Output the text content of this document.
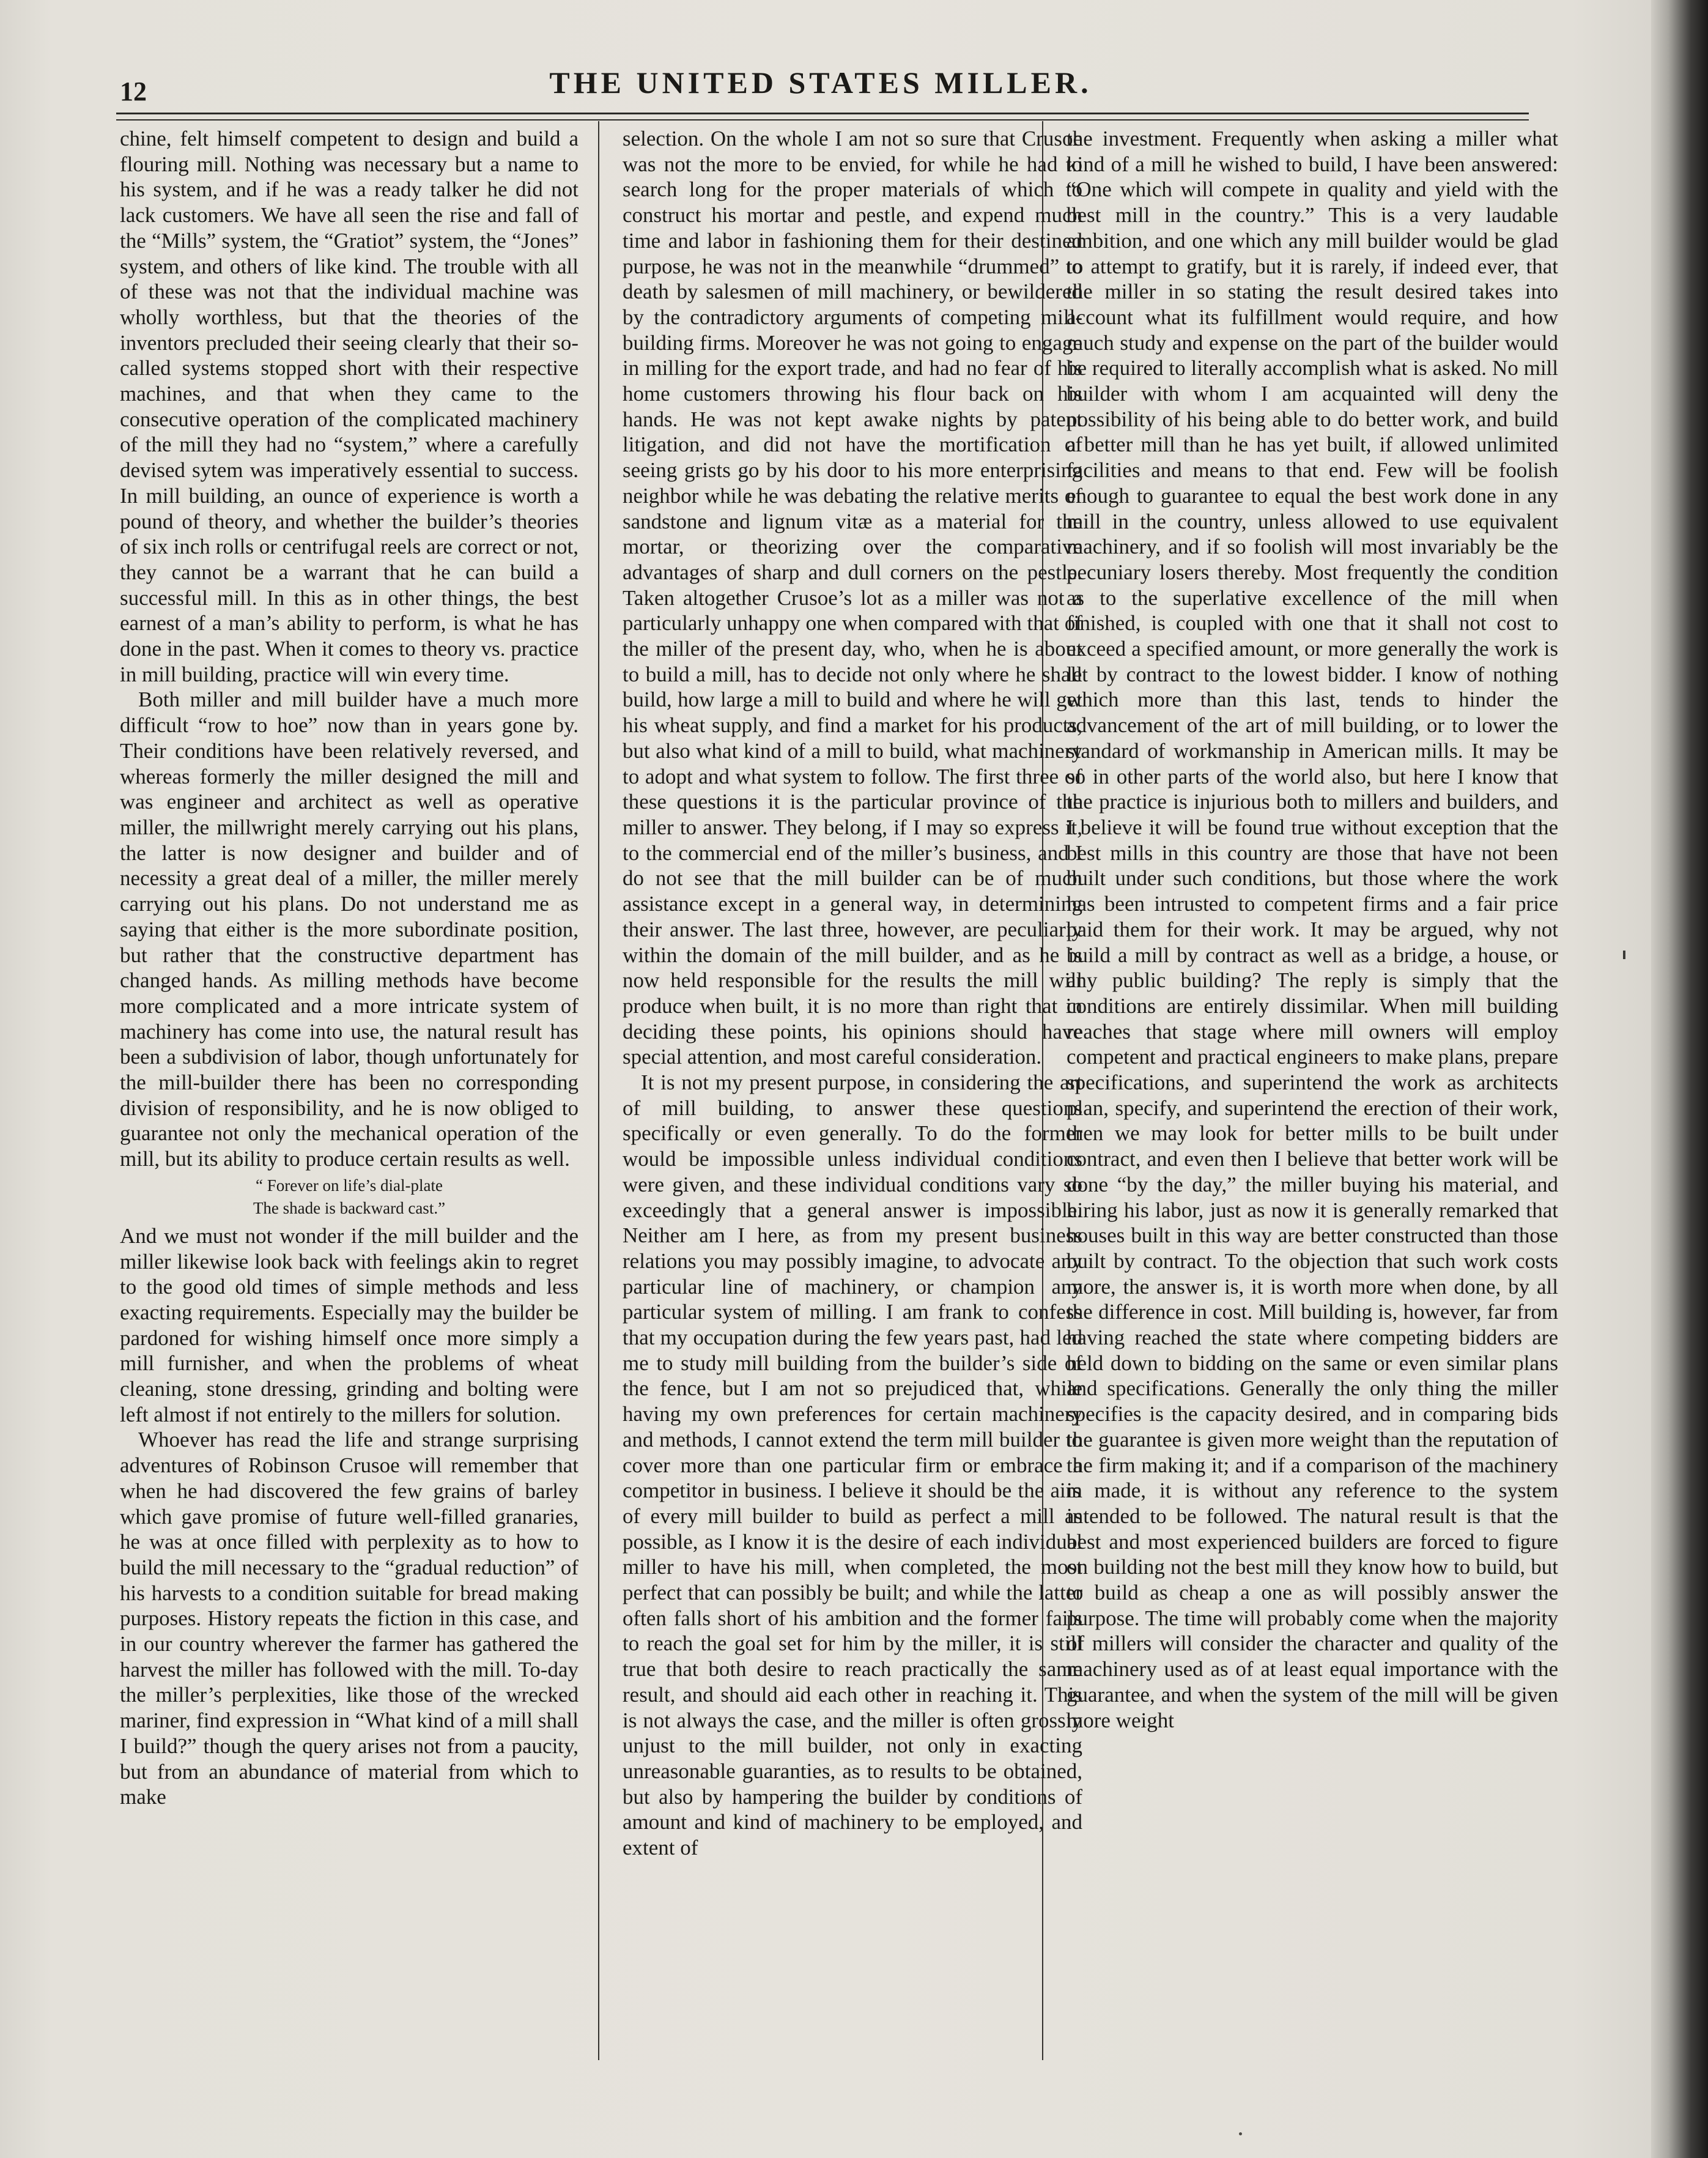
12	THE UNITED STATES MILLER.

chine, felt himself competent to design and build a flouring mill. Nothing was necessary but a name to his system, and if he was a ready talker he did not lack customers. We have all seen the rise and fall of the “Mills” system, the “Gratiot” system, the “Jones” system, and others of like kind. The trouble with all of these was not that the individual machine was wholly worthless, but that the theories of the inventors precluded their seeing clearly that their so-called systems stopped short with their respective machines, and that when they came to the consecutive operation of the complicated machinery of the mill they had no “system,” where a carefully devised sytem was imperatively essential to success. In mill building, an ounce of experience is worth a pound of theory, and whether the builder’s theories of six inch rolls or centrifugal reels are correct or not, they cannot be a warrant that he can build a successful mill. In this as in other things, the best earnest of a man’s ability to perform, is what he has done in the past. When it comes to theory vs. practice in mill building, practice will win every time.

Both miller and mill builder have a much more difficult “row to hoe” now than in years gone by. Their conditions have been relatively reversed, and whereas formerly the miller designed the mill and was engineer and architect as well as operative miller, the millwright merely carrying out his plans, the latter is now designer and builder and of necessity a great deal of a miller, the miller merely carrying out his plans. Do not understand me as saying that either is the more subordinate position, but rather that the constructive department has changed hands. As milling methods have become more complicated and a more intricate system of machinery has come into use, the natural result has been a subdivision of labor, though unfortunately for the mill-builder there has been no corresponding division of responsibility, and he is now obliged to guarantee not only the mechanical operation of the mill, but its ability to produce certain results as well.

“ Forever on life’s dial-plate
The shade is backward cast.”

And we must not wonder if the mill builder and the miller likewise look back with feelings akin to regret to the good old times of simple methods and less exacting requirements. Especially may the builder be pardoned for wishing himself once more simply a mill furnisher, and when the problems of wheat cleaning, stone dressing, grinding and bolting were left almost if not entirely to the millers for solution.

Whoever has read the life and strange surprising adventures of Robinson Crusoe will remember that when he had discovered the few grains of barley which gave promise of future well-filled granaries, he was at once filled with perplexity as to how to build the mill necessary to the “gradual reduction” of his harvests to a condition suitable for bread making purposes. History repeats the fiction in this case, and in our country wherever the farmer has gathered the harvest the miller has followed with the mill. To-day the miller’s perplexities, like those of the wrecked mariner, find expression in “What kind of a mill shall I build?” though the query arises not from a paucity, but from an abundance of material from which to make

selection. On the whole I am not so sure that Crusoe was not the more to be envied, for while he had to search long for the proper materials of which to construct his mortar and pestle, and expend much time and labor in fashioning them for their destined purpose, he was not in the meanwhile “drummed” to death by salesmen of mill machinery, or bewildered by the contradictory arguments of competing mill-building firms. Moreover he was not going to engage in milling for the export trade, and had no fear of his home customers throwing his flour back on his hands. He was not kept awake nights by patent litigation, and did not have the mortification of seeing grists go by his door to his more enterprising neighbor while he was debating the relative merits of sandstone and lignum vitæ as a material for the mortar, or theorizing over the comparative advantages of sharp and dull corners on the pestle. Taken altogether Crusoe’s lot as a miller was not a particularly unhappy one when compared with that of the miller of the present day, who, when he is about to build a mill, has to decide not only where he shall build, how large a mill to build and where he will get his wheat supply, and find a market for his products, but also what kind of a mill to build, what machinery to adopt and what system to follow. The first three of these questions it is the particular province of the miller to answer. They belong, if I may so express it, to the commercial end of the miller’s business, and I do not see that the mill builder can be of much assistance except in a general way, in determining their answer. The last three, however, are peculiarly within the domain of the mill builder, and as he is now held responsible for the results the mill will produce when built, it is no more than right that in deciding these points, his opinions should have special attention, and most careful consideration.

It is not my present purpose, in considering the art of mill building, to answer these questions specifically or even generally. To do the former would be impossible unless individual conditions were given, and these individual conditions vary so exceedingly that a general answer is impossible. Neither am I here, as from my present business relations you may possibly imagine, to advocate any particular line of machinery, or champion any particular system of milling. I am frank to confess that my occupation during the few years past, had led me to study mill building from the builder’s side of the fence, but I am not so prejudiced that, while having my own preferences for certain machinery and methods, I cannot extend the term mill builder to cover more than one particular firm or embrace a competitor in business. I believe it should be the aim of every mill builder to build as perfect a mill as possible, as I know it is the desire of each individual miller to have his mill, when completed, the most perfect that can possibly be built; and while the latter often falls short of his ambition and the former fails to reach the goal set for him by the miller, it is still true that both desire to reach practically the same result, and should aid each other in reaching it. This is not always the case, and the miller is often grossly unjust to the mill builder, not only in exacting unreasonable guaranties, as to results to be obtained, but also by hampering the builder by conditions of amount and kind of machinery to be employed, and extent of

the investment. Frequently when asking a miller what kind of a mill he wished to build, I have been answered: “One which will compete in quality and yield with the best mill in the country.” This is a very laudable ambition, and one which any mill builder would be glad to attempt to gratify, but it is rarely, if indeed ever, that the miller in so stating the result desired takes into account what its fulfillment would require, and how much study and expense on the part of the builder would be required to literally accomplish what is asked. No mill builder with whom I am acquainted will deny the possibility of his being able to do better work, and build a better mill than he has yet built, if allowed unlimited facilities and means to that end. Few will be foolish enough to guarantee to equal the best work done in any mill in the country, unless allowed to use equivalent machinery, and if so foolish will most invariably be the pecuniary losers thereby. Most frequently the condition as to the superlative excellence of the mill when finished, is coupled with one that it shall not cost to exceed a specified amount, or more generally the work is let by contract to the lowest bidder. I know of nothing which more than this last, tends to hinder the advancement of the art of mill building, or to lower the standard of workmanship in American mills. It may be so in other parts of the world also, but here I know that the practice is injurious both to millers and builders, and I believe it will be found true without exception that the best mills in this country are those that have not been built under such conditions, but those where the work has been intrusted to competent firms and a fair price paid them for their work. It may be argued, why not build a mill by contract as well as a bridge, a house, or any public building? The reply is simply that the conditions are entirely dissimilar. When mill building reaches that stage where mill owners will employ competent and practical engineers to make plans, prepare specifications, and superintend the work as architects plan, specify, and superintend the erection of their work, then we may look for better mills to be built under contract, and even then I believe that better work will be done “by the day,” the miller buying his material, and hiring his labor, just as now it is generally remarked that houses built in this way are better constructed than those built by contract. To the objection that such work costs more, the answer is, it is worth more when done, by all the difference in cost. Mill building is, however, far from having reached the state where competing bidders are held down to bidding on the same or even similar plans and specifications. Generally the only thing the miller specifies is the capacity desired, and in comparing bids the guarantee is given more weight than the reputation of the firm making it; and if a comparison of the machinery is made, it is without any reference to the system intended to be followed. The natural result is that the best and most experienced builders are forced to figure on building not the best mill they know how to build, but to build as cheap a one as will possibly answer the purpose. The time will probably come when the majority of millers will consider the character and quality of the machinery used as of at least equal importance with the guarantee, and when the system of the mill will be given more weight
